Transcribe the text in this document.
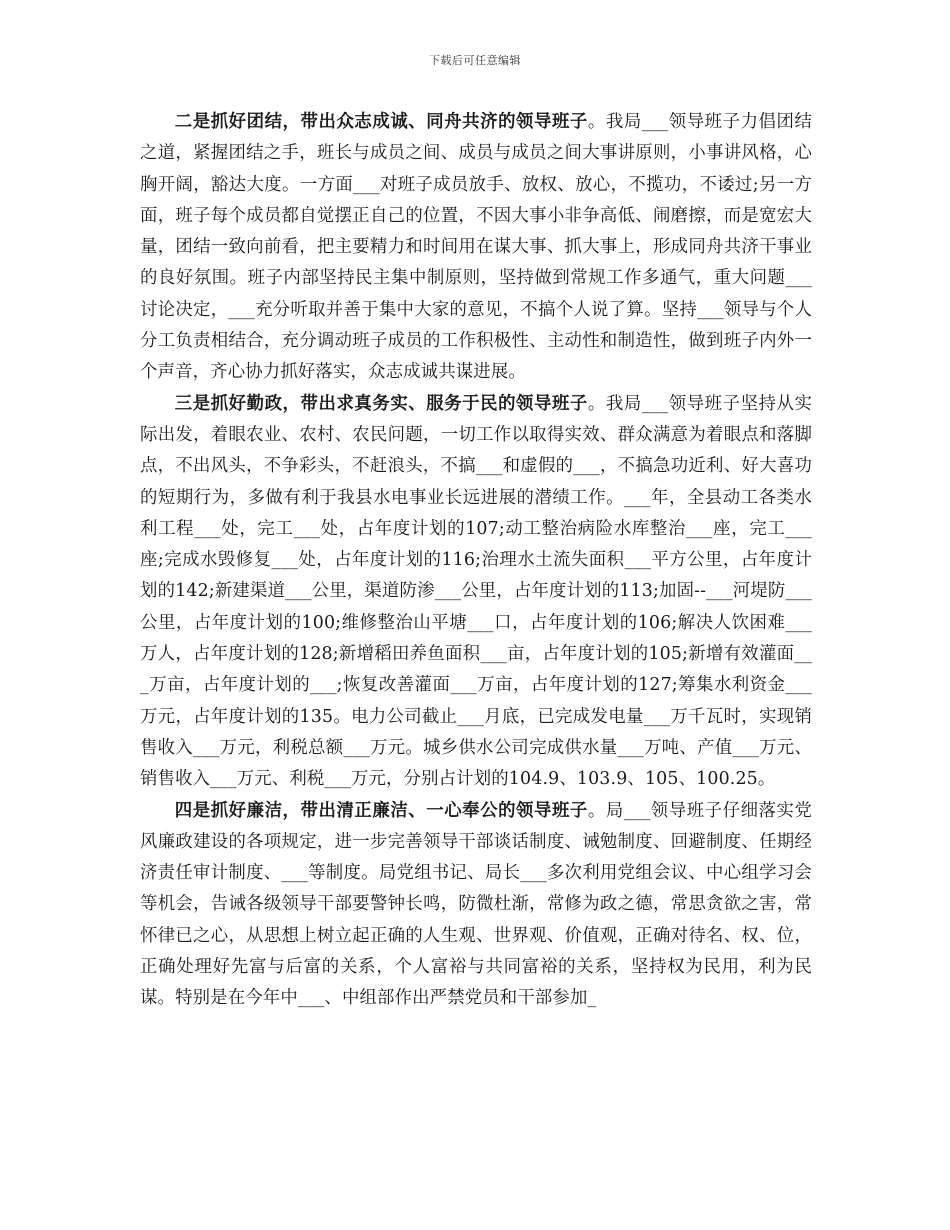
下载后可任意编辑

二是抓好团结，带出众志成诚、同舟共济的领导班子。我局___领导班子力倡团结之道，紧握团结之手，班长与成员之间、成员与成员之间大事讲原则，小事讲风格，心胸开阔，豁达大度。一方面___对班子成员放手、放权、放心，不揽功，不诿过;另一方面，班子每个成员都自觉摆正自己的位置，不因大事小非争高低、闹磨擦，而是宽宏大量，团结一致向前看，把主要精力和时间用在谋大事、抓大事上，形成同舟共济干事业的良好氛围。班子内部坚持民主集中制原则，坚持做到常规工作多通气，重大问题___讨论决定，___充分听取并善于集中大家的意见，不搞个人说了算。坚持___领导与个人分工负责相结合，充分调动班子成员的工作积极性、主动性和制造性，做到班子内外一个声音，齐心协力抓好落实，众志成诚共谋进展。

三是抓好勤政，带出求真务实、服务于民的领导班子。我局___领导班子坚持从实际出发，着眼农业、农村、农民问题，一切工作以取得实效、群众满意为着眼点和落脚点，不出风头，不争彩头，不赶浪头，不搞___和虚假的___，不搞急功近利、好大喜功的短期行为，多做有利于我县水电事业长远进展的潜绩工作。___年，全县动工各类水利工程___处，完工___处，占年度计划的107;动工整治病险水库整治___座，完工___座;完成水毁修复___处，占年度计划的116;治理水土流失面积___平方公里，占年度计划的142;新建渠道___公里，渠道防渗___公里，占年度计划的113;加固--___河堤防___公里，占年度计划的100;维修整治山平塘___口，占年度计划的106;解决人饮困难___万人，占年度计划的128;新增稻田养鱼面积___亩，占年度计划的105;新增有效灌面___万亩，占年度计划的___;恢复改善灌面___万亩，占年度计划的127;筹集水利资金___万元，占年度计划的135。电力公司截止___月底，已完成发电量___万千瓦时，实现销售收入___万元，利税总额___万元。城乡供水公司完成供水量___万吨、产值___万元、销售收入___万元、利税___万元，分别占计划的104.9、103.9、105、100.25。

四是抓好廉洁，带出清正廉洁、一心奉公的领导班子。局___领导班子仔细落实党风廉政建设的各项规定，进一步完善领导干部谈话制度、诫勉制度、回避制度、任期经济责任审计制度、___等制度。局党组书记、局长___多次利用党组会议、中心组学习会等机会，告诫各级领导干部要警钟长鸣，防微杜渐，常修为政之德，常思贪欲之害，常怀律已之心，从思想上树立起正确的人生观、世界观、价值观，正确对待名、权、位，正确处理好先富与后富的关系，个人富裕与共同富裕的关系，坚持权为民用，利为民谋。特别是在今年中___、中组部作出严禁党员和干部参加_
